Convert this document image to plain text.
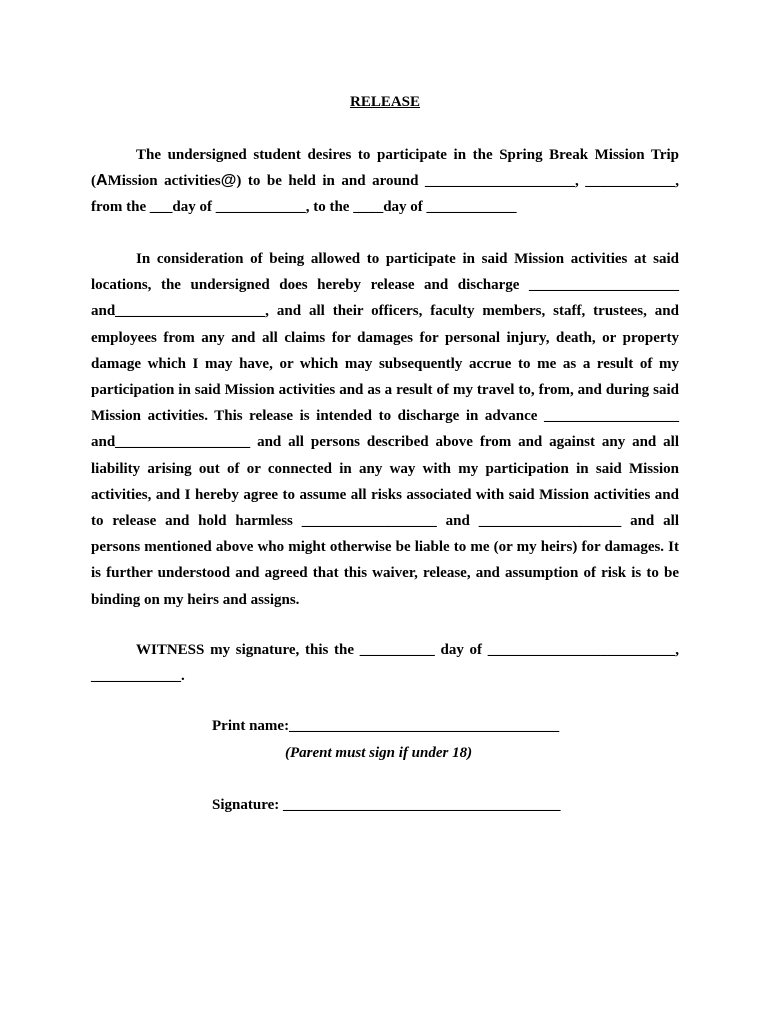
RELEASE

The undersigned student desires to participate in the Spring Break Mission Trip (AMission activities@) to be held in and around ____________________, ____________, from the ___day of ____________, to the ____day of ____________

In consideration of being allowed to participate in said Mission activities at said locations, the undersigned does hereby release and discharge ____________________ and____________________, and all their officers, faculty members, staff, trustees, and employees from any and all claims for damages for personal injury, death, or property damage which I may have, or which may subsequently accrue to me as a result of my participation in said Mission activities and as a result of my travel to, from, and during said Mission activities. This release is intended to discharge in advance __________________ and__________________ and all persons described above from and against any and all liability arising out of or connected in any way with my participation in said Mission activities, and I hereby agree to assume all risks associated with said Mission activities and to release and hold harmless __________________ and ___________________ and all persons mentioned above who might otherwise be liable to me (or my heirs) for damages. It is further understood and agreed that this waiver, release, and assumption of risk is to be binding on my heirs and assigns.

WITNESS my signature, this the __________ day of _________________________, ____________.

Print name:____________________________________
(Parent must sign if under 18)
Signature: _____________________________________
